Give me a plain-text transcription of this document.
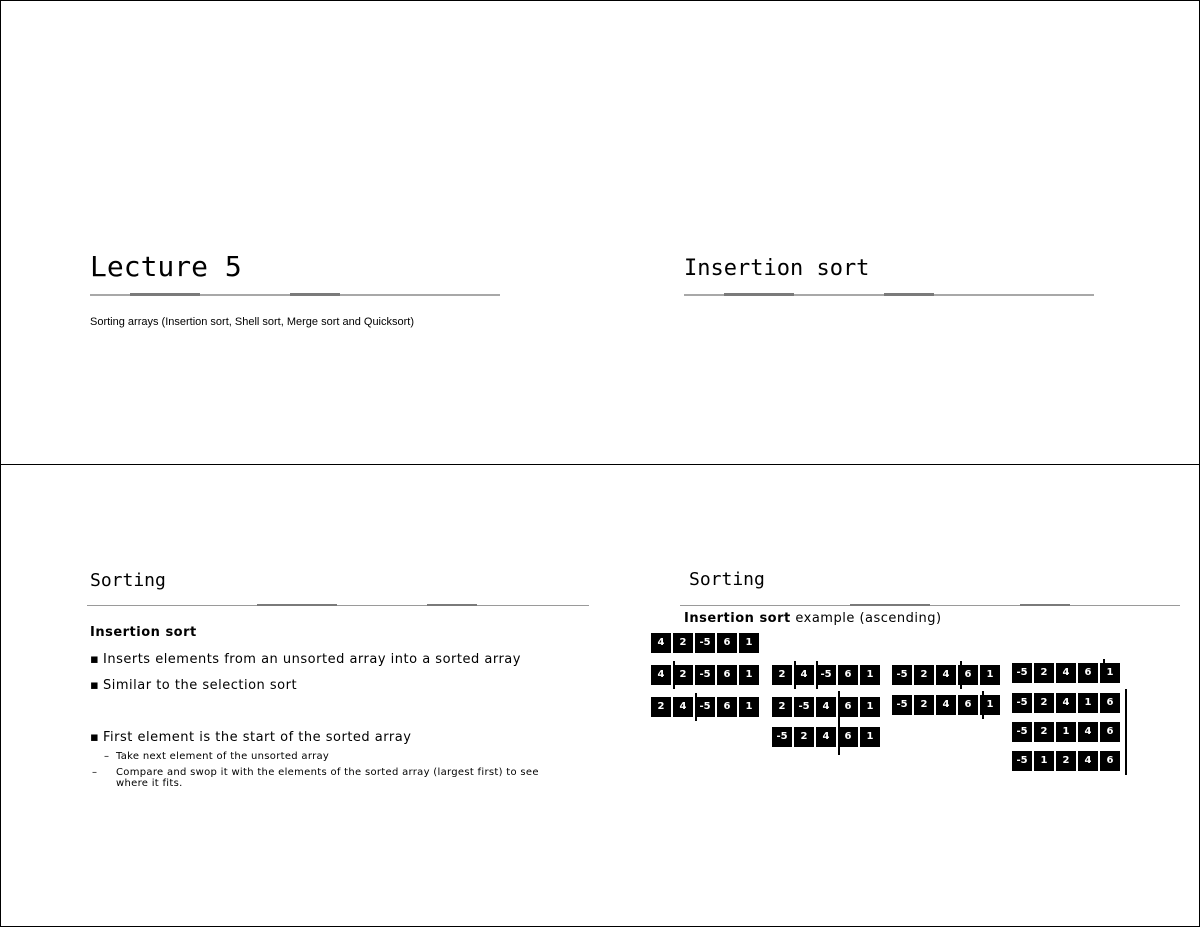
Lecture 5
Sorting arrays (Insertion sort, Shell sort, Merge sort and Quicksort)
Insertion sort
Sorting
Insertion sort
▪ Inserts elements from an unsorted array into a sorted array
▪ Similar to the selection sort
▪ First element is the start of the sorted array
– Take next element of the unsorted array
– Compare and swop it with the elements of the sorted array (largest first) to see where it fits.
Sorting
Insertion sort example (ascending)
4	2	-5	6	1
4	2	-5	6	1
2	4	-5	6	1
2	4	-5	6	1
2	-5	4	6	1
-5	2	4	6	1
-5	2	4	6	1
-5	2	4	6	1
-5	2	4	6	1
-5	2	4	1	6
-5	2	1	4	6
-5	1	2	4	6
